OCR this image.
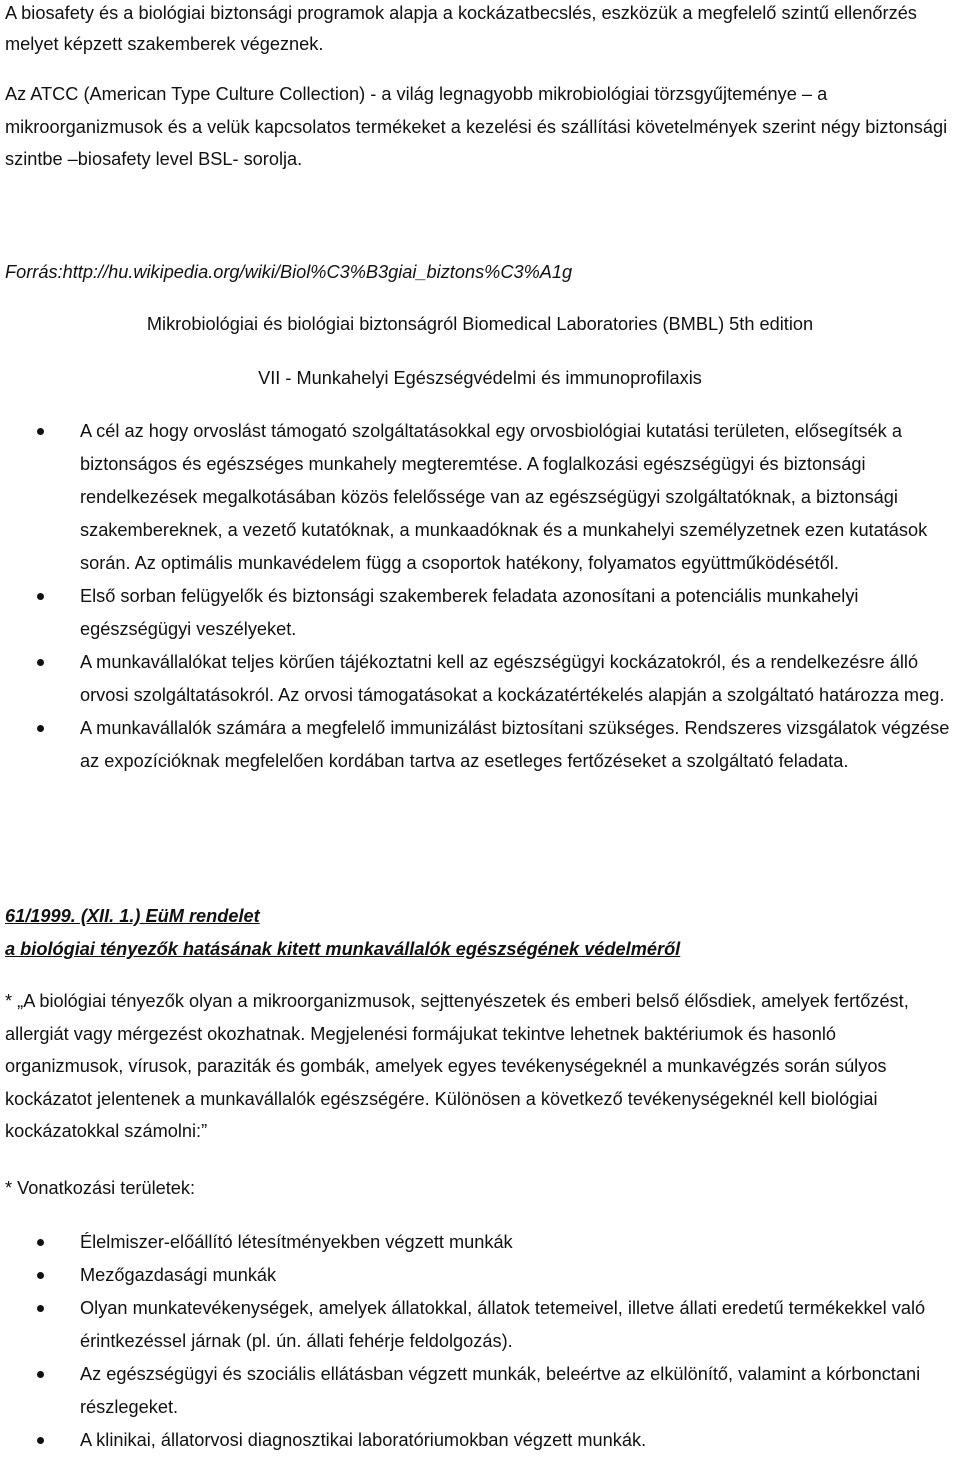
A biosafety és a biológiai biztonsági programok alapja a kockázatbecslés, eszközük a megfelelő szintű ellenőrzés melyet képzett szakemberek végeznek.

Az ATCC (American Type Culture Collection) - a világ legnagyobb mikrobiológiai törzsgyűjteménye – a mikroorganizmusok és a velük kapcsolatos termékeket a kezelési és szállítási követelmények szerint négy biztonsági szintbe –biosafety level BSL- sorolja.

Forrás:http://hu.wikipedia.org/wiki/Biol%C3%B3giai_biztons%C3%A1g

Mikrobiológiai és biológiai biztonságról Biomedical Laboratories (BMBL) 5th edition

VII - Munkahelyi Egészségvédelmi és immunoprofilaxis

A cél az hogy orvoslást támogató szolgáltatásokkal egy orvosbiológiai kutatási területen, elősegítsék a biztonságos és egészséges munkahely megteremtése. A foglalkozási egészségügyi és biztonsági rendelkezések megalkotásában közös felelőssége van az egészségügyi szolgáltatóknak, a biztonsági szakembereknek, a vezető kutatóknak, a munkaadóknak és a munkahelyi személyzetnek ezen kutatások során. Az optimális munkavédelem függ a csoportok hatékony, folyamatos együttműködésétől.
Első sorban felügyelők és biztonsági szakemberek feladata azonosítani a potenciális munkahelyi egészségügyi veszélyeket.
A munkavállalókat teljes körűen tájékoztatni kell az egészségügyi kockázatokról, és a rendelkezésre álló orvosi szolgáltatásokról. Az orvosi támogatásokat a kockázatértékelés alapján a szolgáltató határozza meg.
A munkavállalók számára a megfelelő immunizálást biztosítani szükséges. Rendszeres vizsgálatok végzése az expozícióknak megfelelően kordában tartva az esetleges fertőzéseket a szolgáltató feladata.

61/1999. (XII. 1.) EüM rendelet

a biológiai tényezők hatásának kitett munkavállalók egészségének védelméről

* „A biológiai tényezők olyan a mikroorganizmusok, sejttenyészetek és emberi belső élősdiek, amelyek fertőzést, allergiát vagy mérgezést okozhatnak. Megjelenési formájukat tekintve lehetnek baktériumok és hasonló organizmusok, vírusok, paraziták és gombák, amelyek egyes tevékenységeknél a munkavégzés során súlyos kockázatot jelentenek a munkavállalók egészségére. Különösen a következő tevékenységeknél kell biológiai kockázatokkal számolni:”

* Vonatkozási területek:

Élelmiszer-előállító létesítményekben végzett munkák
Mezőgazdasági munkák
Olyan munkatevékenységek, amelyek állatokkal, állatok tetemeivel, illetve állati eredetű termékekkel való érintkezéssel járnak (pl. ún. állati fehérje feldolgozás).
Az egészségügyi és szociális ellátásban végzett munkák, beleértve az elkülönítő, valamint a kórbonctani részlegeket.
A klinikai, állatorvosi diagnosztikai laboratóriumokban végzett munkák.
